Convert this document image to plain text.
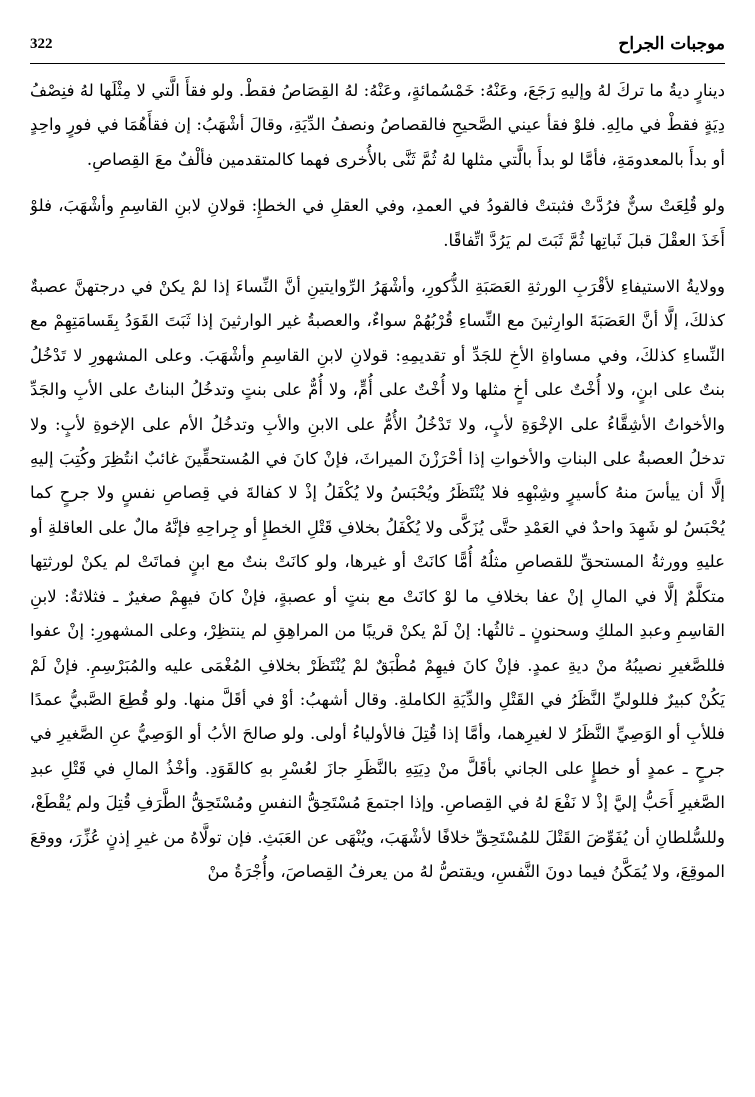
موجبات الجراح
322

دينارٍ ديةُ ما تركَ لهُ وإليهِ رَجَعَ، وعَنْهُ: خَمْسُمائةٍ، وعَنْهُ: لهُ القِصَاصُ فقطْ. ولو فقأَ الَّتي لا مِثْلَها لهُ فنِصْفُ دِيَةٍ فقطْ في مالِهِ. فلوْ فقأ عيني الصَّحيحِ فالقصاصُ ونصفُ الدِّيَةِ، وقالَ أشْهَبُ: إن فقأَهُمَا في فورٍ واحِدٍ أو بدأَ بالمعدومَةِ، فأمَّا لو بدأَ بالَّتي مثلها لهُ ثُمَّ ثَنَّى بالأُخرى فهما كالمتقدمين فألْفٌ معَ القِصاصِ.

ولو قُلِعَتْ سنٌّ فرُدَّتْ فثبتتْ فالقودُ في العمدِ، وفي العقلِ في الخطإِ: قولانِ لابنِ القاسِمِ وأشْهَبَ، فلوْ أَخَذَ العقْلَ قبلَ ثَباتِها ثُمَّ ثَبَتَ لم يَرُدَّ اتِّفاقًا.

وولايةُ الاستيفاءِ لأقْرَبِ الورثةِ العَصَبَةِ الذُّكورِ، وأشْهَرُ الرِّوايتينِ أنَّ النِّساءَ إذا لمْ يكنْ في درجتهنَّ عصبةٌ كذلكَ، إلَّا أنَّ العَصَبَةَ الوارِثينَ مع النِّساءِ قُرْبُهُمْ سواءٌ، والعصبةُ غير الوارثينَ إذا ثَبَتَ القَوَدُ بِقَسامَتِهِمْ مع النِّساءِ كذلكَ، وفي مساواةِ الأخِ للجَدِّ أو تقديمِهِ: قولانِ لابنِ القاسِمِ وأشْهَبَ. وعلى المشهورِ لا تَدْخُلُ بنتٌ على ابنٍ، ولا أُخْتٌ على أخٍ مثلها ولا أُخْتٌ على أُمٍّ، ولا أُمٌّ على بنتٍ وتدخُلُ البناتُ على الأبِ والجَدِّ والأخواتُ الأشِقَّاءُ على الإخْوَةِ لأبٍ، ولا تَدْخُلُ الأُمُّ على الابنِ والأبِ وتدخُلُ الأم على الإخوةِ لأبٍ: ولا تدخلُ العصبةُ على البناتِ والأخواتِ إذا أحْرَزْنَ الميراثَ، فإنْ كانَ في المُستحقِّينَ غائبٌ انتُظِرَ وكُتِبَ إليهِ إلَّا أن ييأسَ منهُ كأسيرٍ وشِبْهِهِ فلا يُنْتَظَرُ ويُحْبَسُ ولا يُكْفَلُ إذْ لا كفالةَ في قِصاصِ نفسٍ ولا جرحٍ كما يُحْبَسُ لو شَهِدَ واحدٌ في العَمْدِ حتَّى يُزَكَّى ولا يُكْفَلُ بخلافِ قَتْلِ الخطإِ أو جِراحِهِ فإنَّهُ مالٌ على العاقلةِ أو عليهِ وورثةُ المستحقِّ للقصاصِ مثلُهُ أُمًّا كانَتْ أو غيرها، ولو كانَتْ بنتٌ مع ابنٍ فماتَتْ لم يكنْ لورثتِها متكلَّمٌ إلَّا في المالِ إنْ عفا بخلافِ ما لوْ كانَتْ مع بنتٍ أو عصبةٍ، فإنْ كانَ فيهِمْ صغيرٌ ـ فثلاثةٌ: لابنِ القاسِمِ وعبدِ الملكِ وسحنونٍ ـ ثالثُها: إنْ لَمْ يكنْ قريبًا من المراهِقِ لم ينتظِرْ، وعلى المشهورِ: إنْ عفوا فللصَّغيرِ نصيبُهُ منْ ديةِ عمدٍ. فإنْ كانَ فيهِمْ مُطْبَقٌ لمْ يُنْتَظَرْ بخلافِ المُغْمَى عليه والمُبَرْسِمِ. فإنْ لَمْ يَكُنْ كبيرٌ فللوليِّ النَّظَرُ في القَتْلِ والدِّيَةِ الكاملةِ. وقال أشهبُ: أوْ في أقَلَّ منها. ولو قُطِعَ الصَّبيُّ عمدًا فللأبِ أو الوَصِيِّ النَّظَرُ لا لغيرِهما، وأمَّا إذا قُتِلَ فالأولياءُ أولى. ولو صالحَ الأبُ أو الوَصِيُّ عنِ الصَّغيرِ في جرحٍ ـ عمدٍ أو خطإٍ على الجاني بأقَلَّ منْ دِيَتِهِ بالنَّظَرِ جازَ لعُسْرِ بهِ كالقَوَدِ. وأخْذُ المالِ في قَتْلِ عبدِ الصَّغيرِ أَحَبُّ إليَّ إذْ لا نَفْعَ لهُ في القِصاصِ. وإذا اجتمعَ مُسْتَحِقُّ النفسِ ومُسْتَحِقُّ الطَّرَفِ قُتِلَ ولم يُقْطَعْ، وللسُّلطانِ أن يُفَوِّضَ القَتْلَ للمُسْتَحِقِّ خلافًا لأشْهَبَ، ويُنْهَى عن العَبَثِ. فإن تولَّاهُ من غيرِ إذنٍ عُزِّرَ، ووقعَ الموقِعَ، ولا يُمَكَّنُ فيما دونَ النَّفسِ، ويقتصُّ لهُ من يعرفُ القِصاصَ، وأُجْرَةُ منْ
